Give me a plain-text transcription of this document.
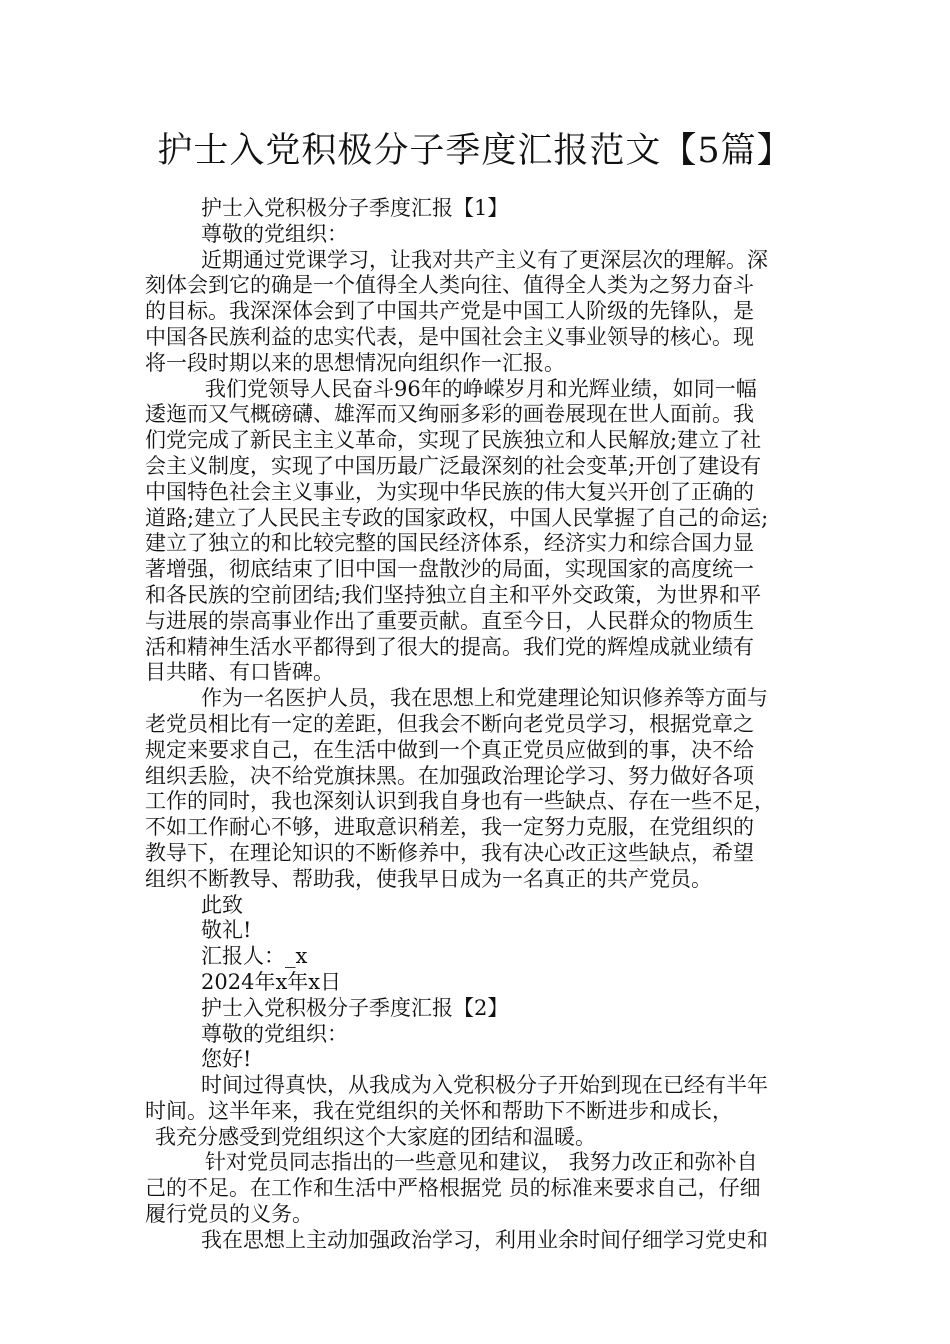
护士入党积极分子季度汇报范文【5篇】
护士入党积极分子季度汇报【1】
尊敬的党组织：
近期通过党课学习，让我对共产主义有了更深层次的理解。深
刻体会到它的确是一个值得全人类向往、值得全人类为之努力奋斗
的目标。我深深体会到了中国共产党是中国工人阶级的先锋队，是
中国各民族利益的忠实代表，是中国社会主义事业领导的核心。现
将一段时期以来的思想情况向组织作一汇报。
我们党领导人民奋斗96年的峥嵘岁月和光辉业绩，如同一幅
逶迤而又气概磅礴、雄浑而又绚丽多彩的画卷展现在世人面前。我
们党完成了新民主主义革命，实现了民族独立和人民解放;建立了社
会主义制度，实现了中国历最广泛最深刻的社会变革;开创了建设有
中国特色社会主义事业，为实现中华民族的伟大复兴开创了正确的
道路;建立了人民民主专政的国家政权，中国人民掌握了自己的命运;
建立了独立的和比较完整的国民经济体系，经济实力和综合国力显
著增强，彻底结束了旧中国一盘散沙的局面，实现国家的高度统一
和各民族的空前团结;我们坚持独立自主和平外交政策，为世界和平
与进展的崇高事业作出了重要贡献。直至今日，人民群众的物质生
活和精神生活水平都得到了很大的提高。我们党的辉煌成就业绩有
目共睹、有口皆碑。
作为一名医护人员，我在思想上和党建理论知识修养等方面与
老党员相比有一定的差距，但我会不断向老党员学习，根据党章之
规定来要求自己，在生活中做到一个真正党员应做到的事，决不给
组织丢脸，决不给党旗抹黑。在加强政治理论学习、努力做好各项
工作的同时，我也深刻认识到我自身也有一些缺点、存在一些不足，
不如工作耐心不够，进取意识稍差，我一定努力克服，在党组织的
教导下，在理论知识的不断修养中，我有决心改正这些缺点，希望
组织不断教导、帮助我，使我早日成为一名真正的共产党员。
此致
敬礼!
汇报人：_x
2024年x年x日
护士入党积极分子季度汇报【2】
尊敬的党组织：
您好!
时间过得真快，从我成为入党积极分子开始到现在已经有半年
时间。这半年来，我在党组织的关怀和帮助下不断进步和成长，
我充分感受到党组织这个大家庭的团结和温暖。
针对党员同志指出的一些意见和建议， 我努力改正和弥补自
己的不足。在工作和生活中严格根据党 员的标准来要求自己，仔细
履行党员的义务。
我在思想上主动加强政治学习，利用业余时间仔细学习党史和
